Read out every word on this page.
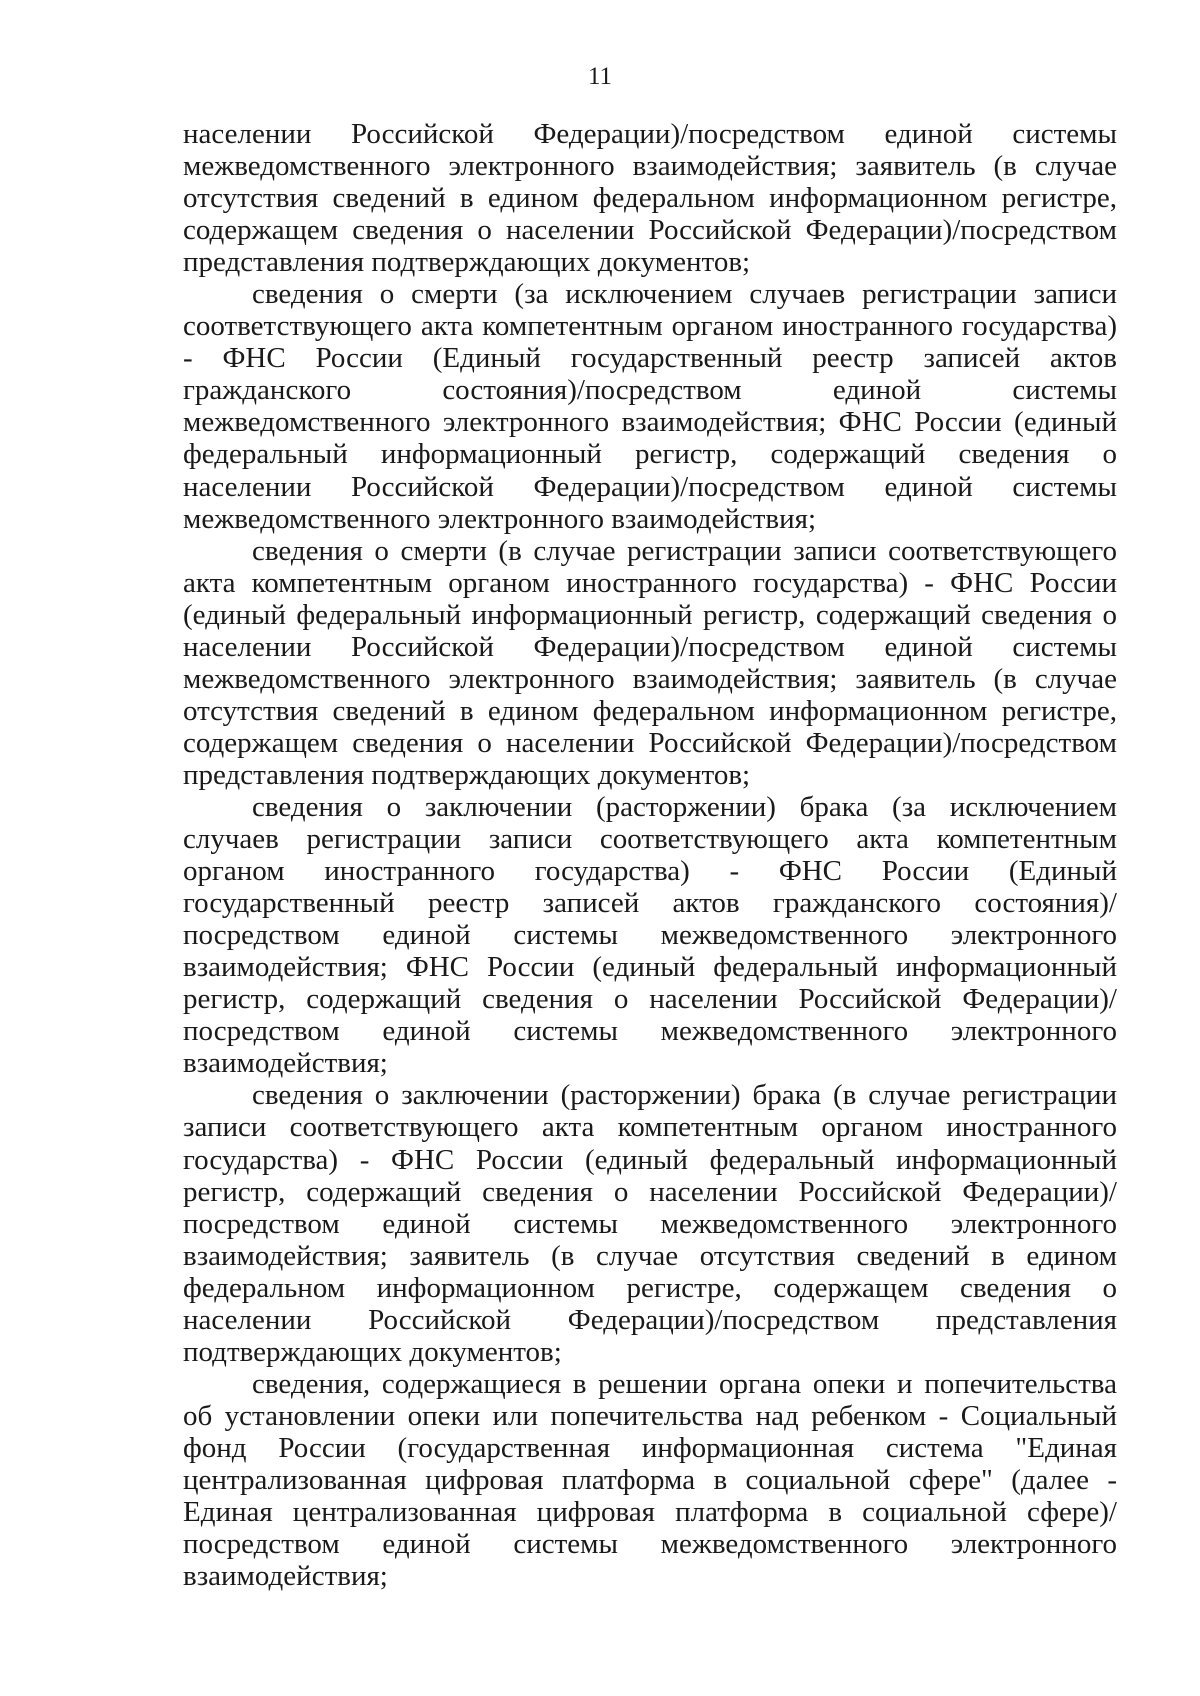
11

населении Российской Федерации)/посредством единой системы межведомственного электронного взаимодействия; заявитель (в случае отсутствия сведений в едином федеральном информационном регистре, содержащем сведения о населении Российской Федерации)/посредством представления подтверждающих документов;

сведения о смерти (за исключением случаев регистрации записи соответствующего акта компетентным органом иностранного государства) - ФНС России (Единый государственный реестр записей актов гражданского состояния)/посредством единой системы межведомственного электронного взаимодействия; ФНС России (единый федеральный информационный регистр, содержащий сведения о населении Российской Федерации)/посредством единой системы межведомственного электронного взаимодействия;

сведения о смерти (в случае регистрации записи соответствующего акта компетентным органом иностранного государства) - ФНС России (единый федеральный информационный регистр, содержащий сведения о населении Российской Федерации)/посредством единой системы межведомственного электронного взаимодействия; заявитель (в случае отсутствия сведений в едином федеральном информационном регистре, содержащем сведения о населении Российской Федерации)/посредством представления подтверждающих документов;

сведения о заключении (расторжении) брака (за исключением случаев регистрации записи соответствующего акта компетентным органом иностранного государства) - ФНС России (Единый государственный реестр записей актов гражданского состояния)/посредством единой системы межведомственного электронного взаимодействия; ФНС России (единый федеральный информационный регистр, содержащий сведения о населении Российской Федерации)/посредством единой системы межведомственного электронного взаимодействия;

сведения о заключении (расторжении) брака (в случае регистрации записи соответствующего акта компетентным органом иностранного государства) - ФНС России (единый федеральный информационный регистр, содержащий сведения о населении Российской Федерации)/посредством единой системы межведомственного электронного взаимодействия; заявитель (в случае отсутствия сведений в едином федеральном информационном регистре, содержащем сведения о населении Российской Федерации)/посредством представления подтверждающих документов;

сведения, содержащиеся в решении органа опеки и попечительства об установлении опеки или попечительства над ребенком - Социальный фонд России (государственная информационная система "Единая централизованная цифровая платформа в социальной сфере" (далее - Единая централизованная цифровая платформа в социальной сфере)/посредством единой системы межведомственного электронного взаимодействия;
